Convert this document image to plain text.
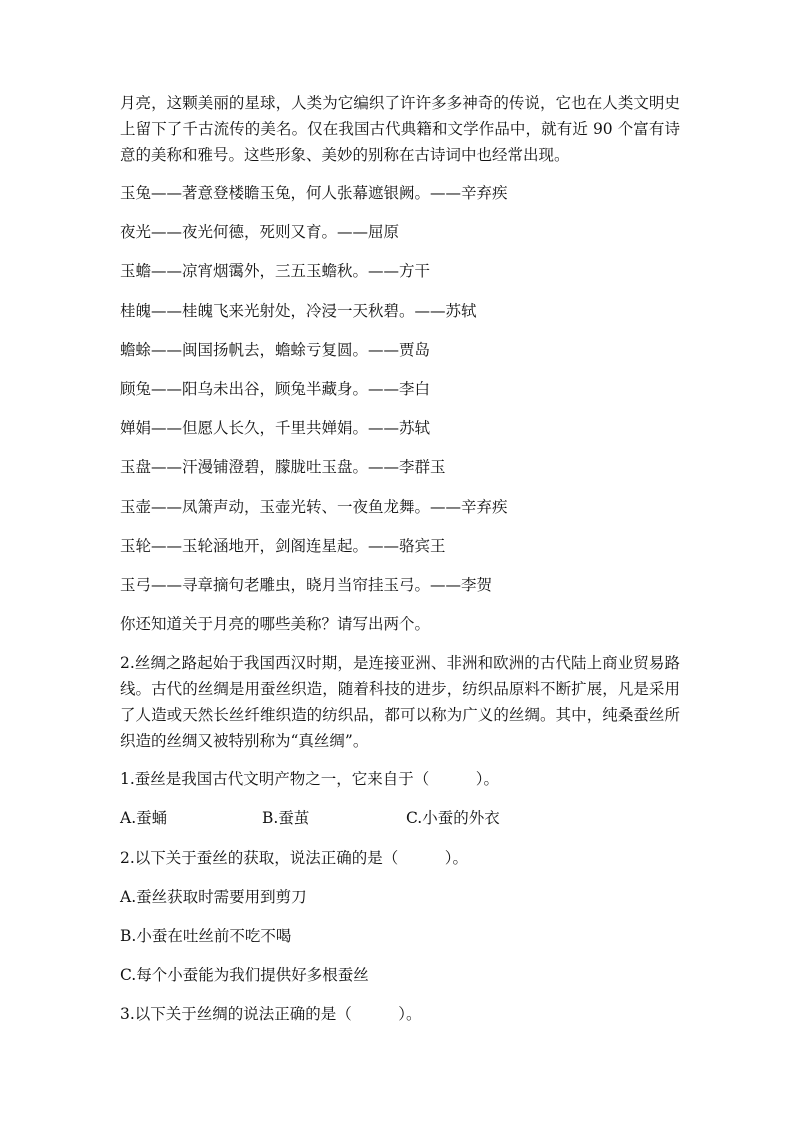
月亮，这颗美丽的星球，人类为它编织了许许多多神奇的传说，它也在人类文明史上留下了千古流传的美名。仅在我国古代典籍和文学作品中，就有近 90 个富有诗意的美称和雅号。这些形象、美妙的别称在古诗词中也经常出现。

玉兔——著意登楼瞻玉兔，何人张幕遮银阙。——辛弃疾

夜光——夜光何德，死则又育。——屈原

玉蟾——凉宵烟霭外，三五玉蟾秋。——方干

桂魄——桂魄飞来光射处，冷浸一天秋碧。——苏轼

蟾蜍——闽国扬帆去，蟾蜍亏复圆。——贾岛

顾兔——阳乌未出谷，顾兔半藏身。——李白

婵娟——但愿人长久，千里共婵娟。——苏轼

玉盘——汗漫铺澄碧，朦胧吐玉盘。——李群玉

玉壶——凤箫声动，玉壶光转、一夜鱼龙舞。——辛弃疾

玉轮——玉轮涵地开，剑阁连星起。——骆宾王

玉弓——寻章摘句老雕虫，晓月当帘挂玉弓。——李贺

你还知道关于月亮的哪些美称？请写出两个。

2.丝绸之路起始于我国西汉时期，是连接亚洲、非洲和欧洲的古代陆上商业贸易路线。古代的丝绸是用蚕丝织造，随着科技的进步，纺织品原料不断扩展，凡是采用了人造或天然长丝纤维织造的纺织品，都可以称为广义的丝绸。其中，纯桑蚕丝所织造的丝绸又被特别称为“真丝绸”。

1.蚕丝是我国古代文明产物之一，它来自于（　　　）。

A.蚕蛹	B.蚕茧	C.小蚕的外衣

2.以下关于蚕丝的获取，说法正确的是（　　　）。

A.蚕丝获取时需要用到剪刀

B.小蚕在吐丝前不吃不喝

C.每个小蚕能为我们提供好多根蚕丝

3.以下关于丝绸的说法正确的是（　　　）。
